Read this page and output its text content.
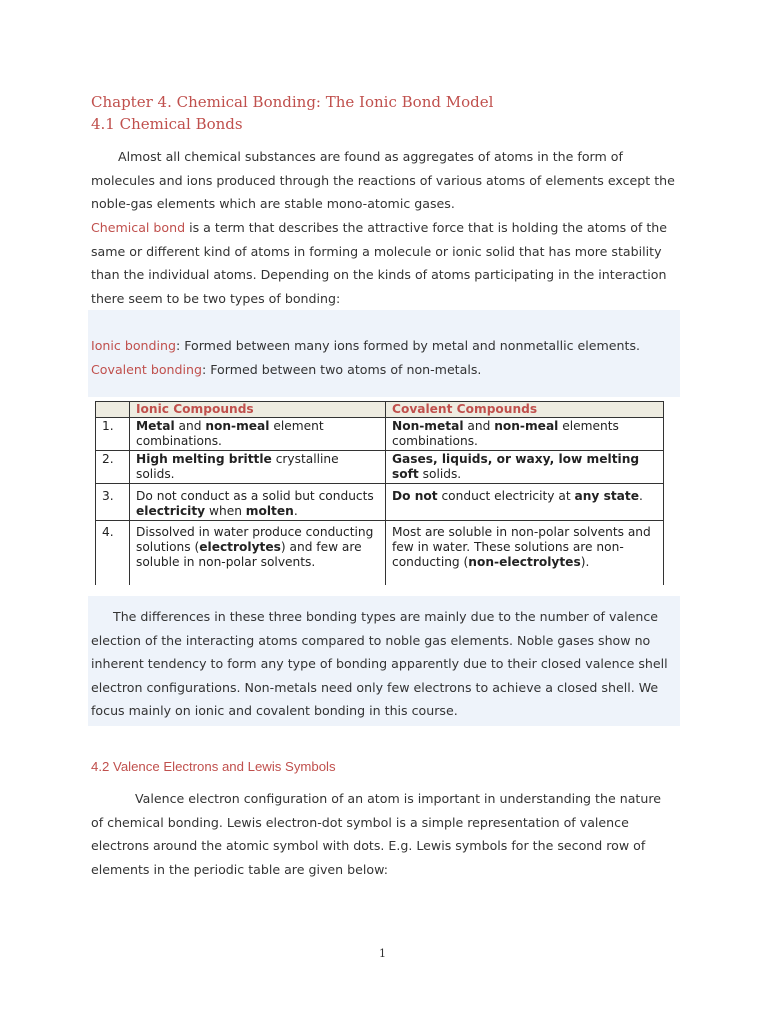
Chapter 4. Chemical Bonding: The Ionic Bond Model
4.1 Chemical Bonds
Almost all chemical substances are found as aggregates of atoms in the form of
molecules and ions produced through the reactions of various atoms of elements except the
noble-gas elements which are stable mono-atomic gases.
Chemical bond is a term that describes the attractive force that is holding the atoms of the
same or different kind of atoms in forming a molecule or ionic solid that has more stability
than the individual atoms. Depending on the kinds of atoms participating in the interaction
there seem to be two types of bonding:
Ionic bonding: Formed between many ions formed by metal and nonmetallic elements.
Covalent bonding: Formed between two atoms of non-metals.
	Ionic Compounds	Covalent Compounds
1.	Metal and non-meal element combinations.	Non-metal and non-meal elements combinations.
2.	High melting brittle crystalline solids.	Gases, liquids, or waxy, low melting soft solids.
3.	Do not conduct as a solid but conducts electricity when molten.	Do not conduct electricity at any state.
4.	Dissolved in water produce conducting solutions (electrolytes) and few are soluble in non-polar solvents.	Most are soluble in non-polar solvents and few in water. These solutions are non-conducting (non-electrolytes).
The differences in these three bonding types are mainly due to the number of valence
election of the interacting atoms compared to noble gas elements. Noble gases show no
inherent tendency to form any type of bonding apparently due to their closed valence shell
electron configurations. Non-metals need only few electrons to achieve a closed shell. We
focus mainly on ionic and covalent bonding in this course.
4.2 Valence Electrons and Lewis Symbols
Valence electron configuration of an atom is important in understanding the nature
of chemical bonding. Lewis electron-dot symbol is a simple representation of valence
electrons around the atomic symbol with dots. E.g. Lewis symbols for the second row of
elements in the periodic table are given below:
1
